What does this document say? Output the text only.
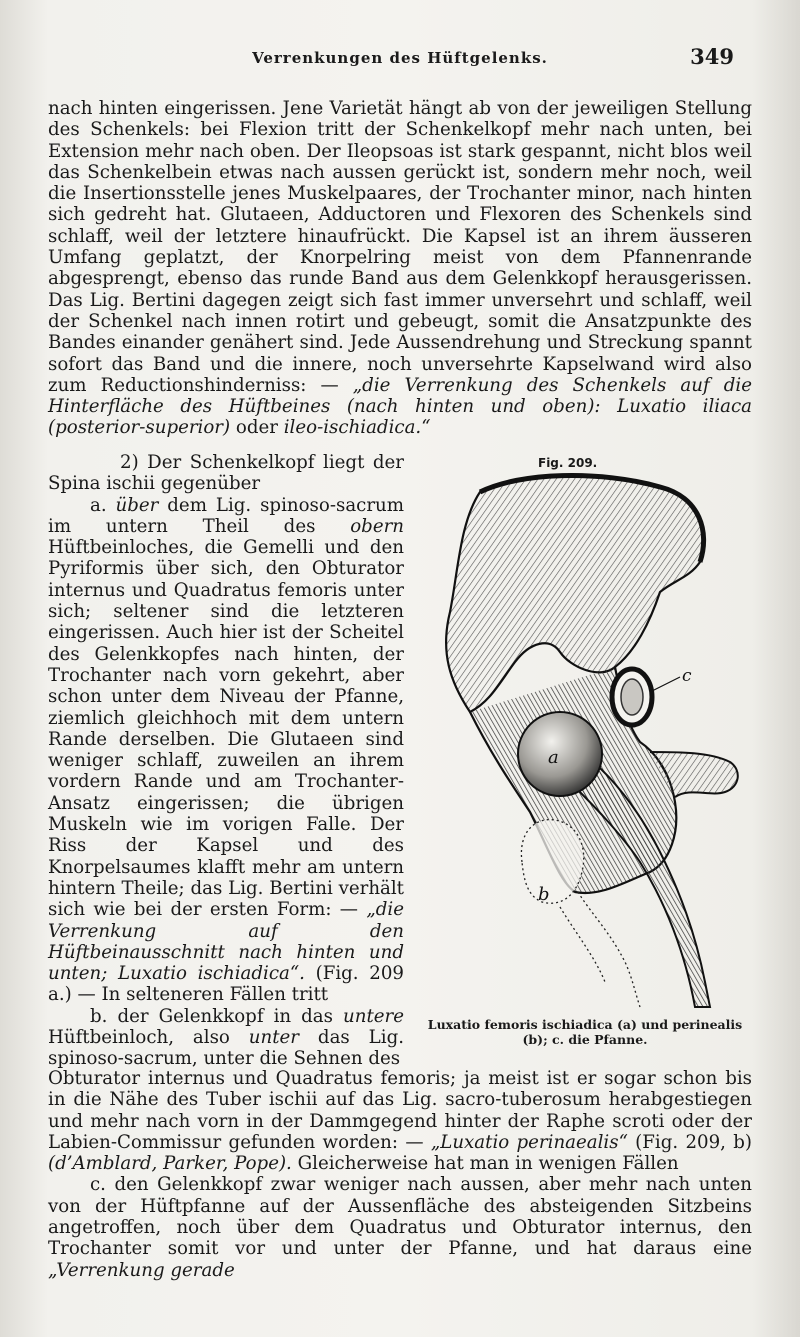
Verrenkungen des Hüftgelenks.	349

nach hinten eingerissen. Jene Varietät hängt ab von der jeweiligen Stellung des Schenkels: bei Flexion tritt der Schenkelkopf mehr nach unten, bei Extension mehr nach oben. Der Ileopsoas ist stark gespannt, nicht blos weil das Schenkelbein etwas nach aussen gerückt ist, sondern mehr noch, weil die Insertionsstelle jenes Muskelpaares, der Trochanter minor, nach hinten sich gedreht hat. Glutaeen, Adductoren und Flexoren des Schenkels sind schlaff, weil der letztere hinaufrückt. Die Kapsel ist an ihrem äusseren Umfang geplatzt, der Knorpelring meist von dem Pfannenrande abgesprengt, ebenso das runde Band aus dem Gelenkkopf herausgerissen. Das Lig. Bertini dagegen zeigt sich fast immer unversehrt und schlaff, weil der Schenkel nach innen rotirt und gebeugt, somit die Ansatzpunkte des Bandes einander genähert sind. Jede Aussendrehung und Streckung spannt sofort das Band und die innere, noch unversehrte Kapselwand wird also zum Reductionshinderniss: — „die Verrenkung des Schenkels auf die Hinterfläche des Hüftbeines (nach hinten und oben): Luxatio iliaca (posterior-superior) oder ileo-ischiadica.“

2) Der Schenkelkopf liegt der Spina ischii gegenüber

a. über dem Lig. spinoso-sacrum im untern Theil des obern Hüftbeinloches, die Gemelli und den Pyriformis über sich, den Obturator internus und Quadratus femoris unter sich; seltener sind die letzteren eingerissen. Auch hier ist der Scheitel des Gelenkkopfes nach hinten, der Trochanter nach vorn gekehrt, aber schon unter dem Niveau der Pfanne, ziemlich gleichhoch mit dem untern Rande derselben. Die Glutaeen sind weniger schlaff, zuweilen an ihrem vordern Rande und am Trochanter-Ansatz eingerissen; die übrigen Muskeln wie im vorigen Falle. Der Riss der Kapsel und des Knorpelsaumes klafft mehr am untern hintern Theile; das Lig. Bertini verhält sich wie bei der ersten Form: — „die Verrenkung auf den Hüftbeinausschnitt nach hinten und unten; Luxatio ischiadica“. (Fig. 209 a.) — In selteneren Fällen tritt

b. der Gelenkkopf in das untere Hüftbeinloch, also unter das Lig. spinoso-sacrum, unter die Sehnen des

Fig. 209.
c
a
b
Luxatio femoris ischiadica (a) und perinealis (b); c. die Pfanne.

Obturator internus und Quadratus femoris; ja meist ist er sogar schon bis in die Nähe des Tuber ischii auf das Lig. sacro-tuberosum herabgestiegen und mehr nach vorn in der Dammgegend hinter der Raphe scroti oder der Labien-Commissur gefunden worden: — „Luxatio perinaealis“ (Fig. 209, b) (d’Amblard, Parker, Pope). Gleicherweise hat man in wenigen Fällen

c. den Gelenkkopf zwar weniger nach aussen, aber mehr nach unten von der Hüftpfanne auf der Aussenfläche des absteigenden Sitzbeins angetroffen, noch über dem Quadratus und Obturator internus, den Trochanter somit vor und unter der Pfanne, und hat daraus eine „Verrenkung gerade
